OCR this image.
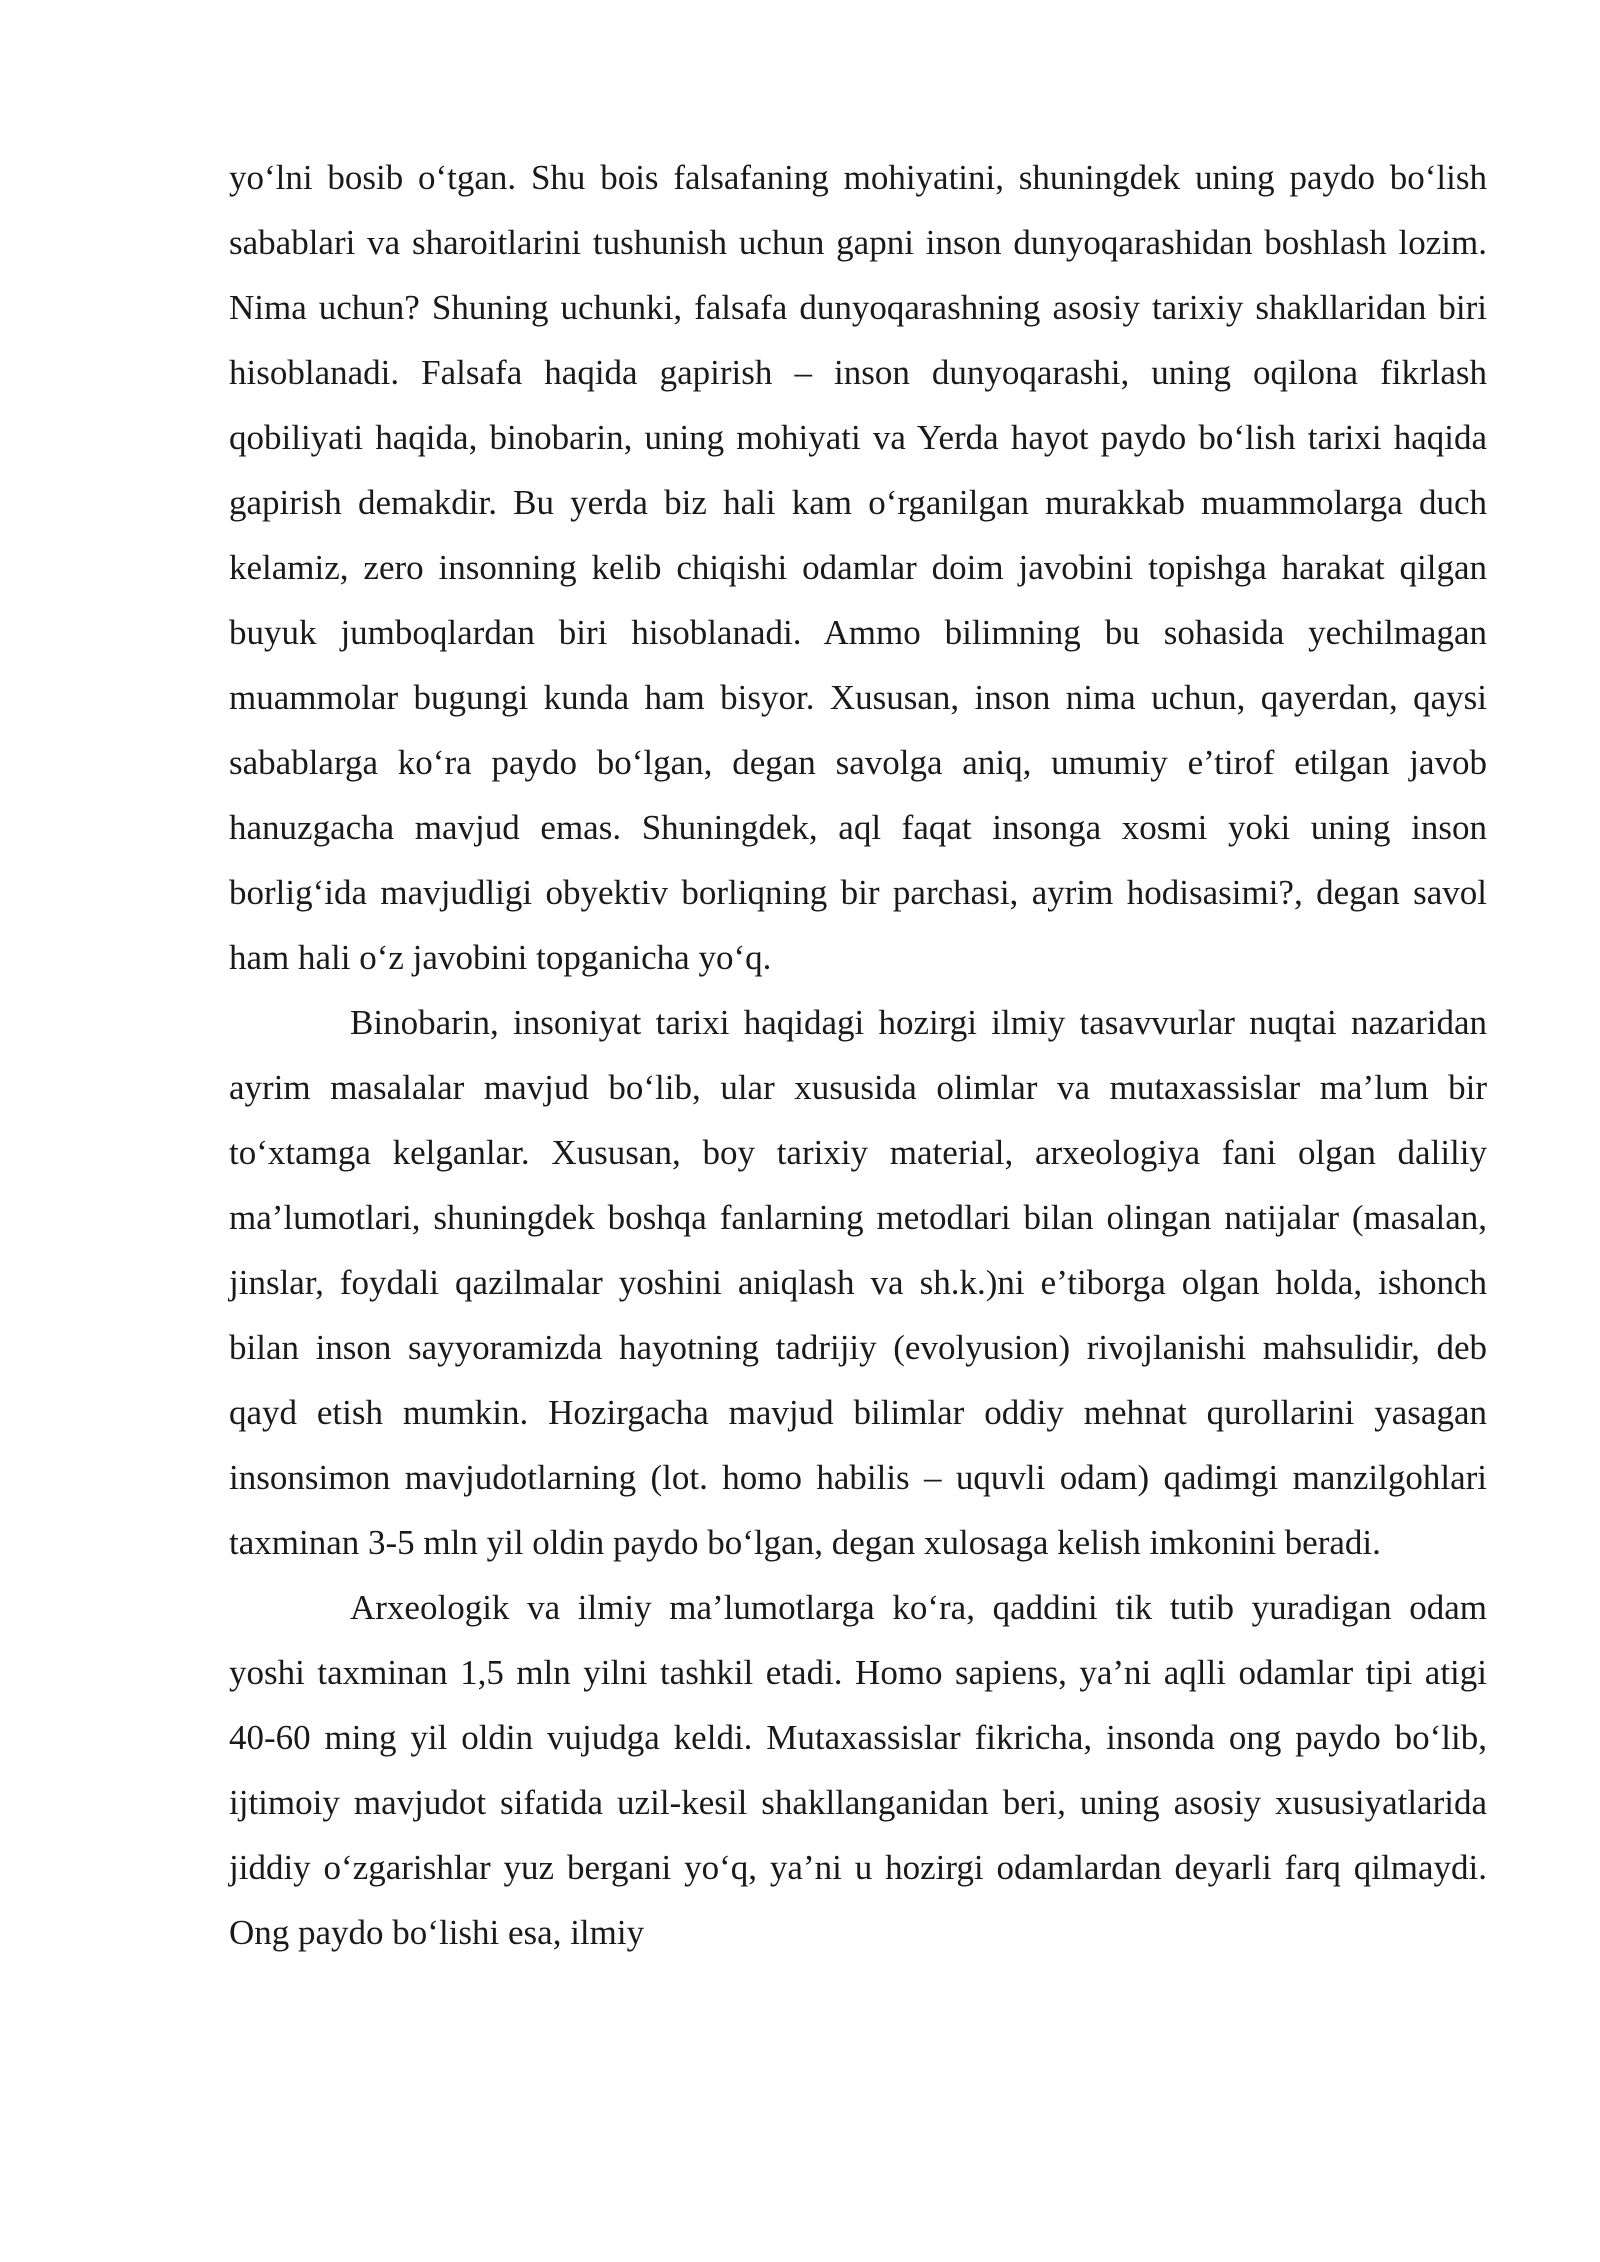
yo‘lni bosib o‘tgan. Shu bois falsafaning mohiyatini, shuningdek uning paydo bo‘lish sabablari va sharoitlarini tushunish uchun gapni inson dunyoqarashidan boshlash lozim. Nima uchun? Shuning uchunki, falsafa dunyoqarashning asosiy tarixiy shakllaridan biri hisoblanadi. Falsafa haqida gapirish – inson dunyoqarashi, uning oqilona fikrlash qobiliyati haqida, binobarin, uning mohiyati va Yerda hayot paydo bo‘lish tarixi haqida gapirish demakdir. Bu yerda biz hali kam o‘rganilgan murakkab muammolarga duch kelamiz, zero insonning kelib chiqishi odamlar doim javobini topishga harakat qilgan buyuk jumboqlardan biri hisoblanadi. Ammo bilimning bu sohasida yechilmagan muammolar bugungi kunda ham bisyor. Xususan, inson nima uchun, qayerdan, qaysi sabablarga ko‘ra paydo bo‘lgan, degan savolga aniq, umumiy e’tirof etilgan javob hanuzgacha mavjud emas. Shuningdek, aql faqat insonga xosmi yoki uning inson borlig‘ida mavjudligi obyektiv borliqning bir parchasi, ayrim hodisasimi?, degan savol ham hali o‘z javobini topganicha yo‘q.

Binobarin, insoniyat tarixi haqidagi hozirgi ilmiy tasavvurlar nuqtai nazaridan ayrim masalalar mavjud bo‘lib, ular xususida olimlar va mutaxassislar ma’lum bir to‘xtamga kelganlar. Xususan, boy tarixiy material, arxeologiya fani olgan daliliy ma’lumotlari, shuningdek boshqa fanlarning metodlari bilan olingan natijalar (masalan, jinslar, foydali qazilmalar yoshini aniqlash va sh.k.)ni e’tiborga olgan holda, ishonch bilan inson sayyoramizda hayotning tadrijiy (evolyusion) rivojlanishi mahsulidir, deb qayd etish mumkin. Hozirgacha mavjud bilimlar oddiy mehnat qurollarini yasagan insonsimon mavjudotlarning (lot. homo habilis – uquvli odam) qadimgi manzilgohlari taxminan 3-5 mln yil oldin paydo bo‘lgan, degan xulosaga kelish imkonini beradi.

Arxeologik va ilmiy ma’lumotlarga ko‘ra, qaddini tik tutib yuradigan odam yoshi taxminan 1,5 mln yilni tashkil etadi. Homo sapiens, ya’ni aqlli odamlar tipi atigi 40-60 ming yil oldin vujudga keldi. Mutaxassislar fikricha, insonda ong paydo bo‘lib, ijtimoiy mavjudot sifatida uzil-kesil shakllanganidan beri, uning asosiy xususiyatlarida jiddiy o‘zgarishlar yuz bergani yo‘q, ya’ni u hozirgi odamlardan deyarli farq qilmaydi. Ong paydo bo‘lishi esa, ilmiy
